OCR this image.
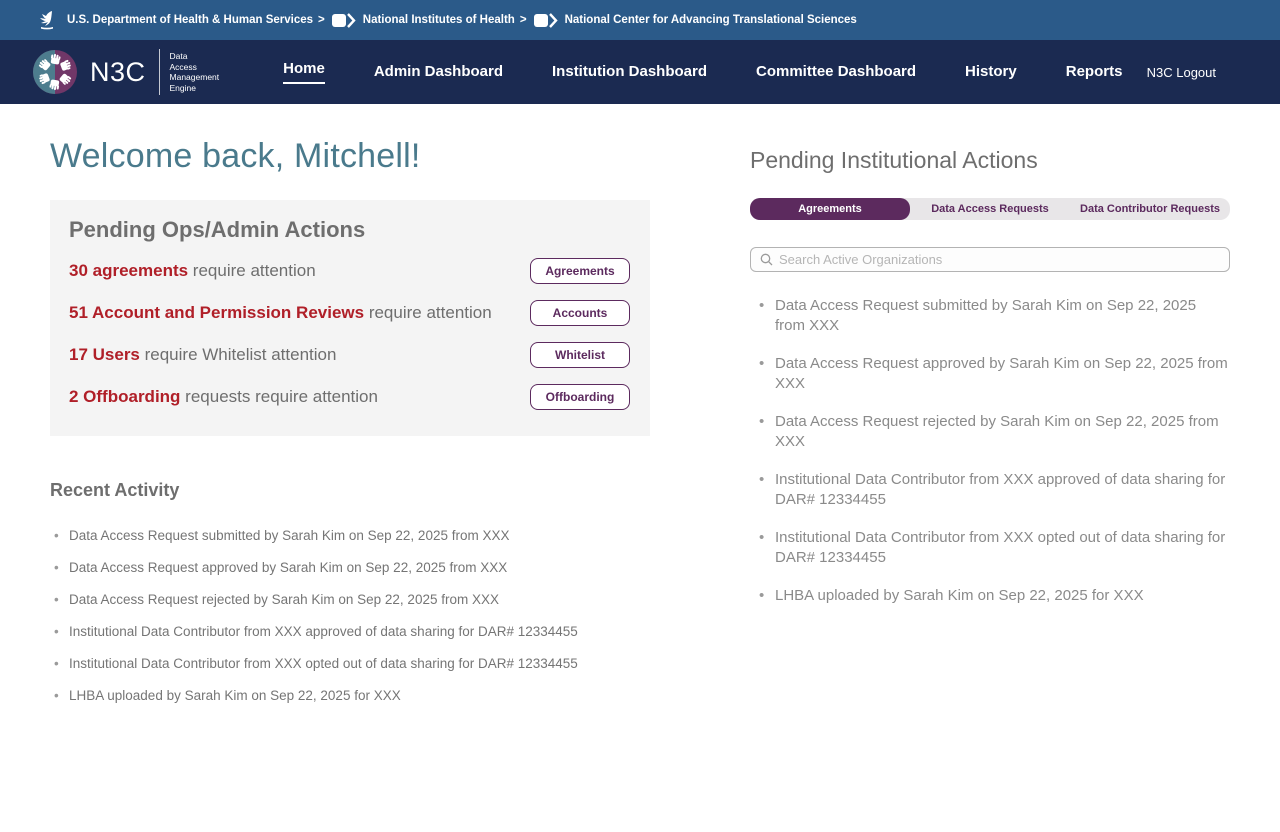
U.S. Department of Health & Human Services >	National Institutes of Health >	National Center for Advancing Translational Sciences
N3C
Data
Access
Management
Engine
Home	Admin Dashboard	Institution Dashboard	Committee Dashboard	History	Reports N3C Logout
Welcome back, Mitchell!
Pending Ops/Admin Actions

30 agreements require attention	Agreements

51 Account and Permission Reviews require attention	Accounts

17 Users require Whitelist attention	Whitelist

2 Offboarding requests require attention	Offboarding
Recent Activity
• Data Access Request submitted by Sarah Kim on Sep 22, 2025 from XXX
• Data Access Request approved by Sarah Kim on Sep 22, 2025 from XXX
• Data Access Request rejected by Sarah Kim on Sep 22, 2025 from XXX
• Institutional Data Contributor from XXX approved of data sharing for DAR# 12334455
• Institutional Data Contributor from XXX opted out of data sharing for DAR# 12334455
• LHBA uploaded by Sarah Kim on Sep 22, 2025 for XXX
Pending Institutional Actions
Agreements	Data Access Requests	Data Contributor Requests
Search Active Organizations
• Data Access Request submitted by Sarah Kim on Sep 22, 2025 from XXX
• Data Access Request approved by Sarah Kim on Sep 22, 2025 from XXX
• Data Access Request rejected by Sarah Kim on Sep 22, 2025 from XXX
• Institutional Data Contributor from XXX approved of data sharing for DAR# 12334455
• Institutional Data Contributor from XXX opted out of data sharing for DAR# 12334455
• LHBA uploaded by Sarah Kim on Sep 22, 2025 for XXX
